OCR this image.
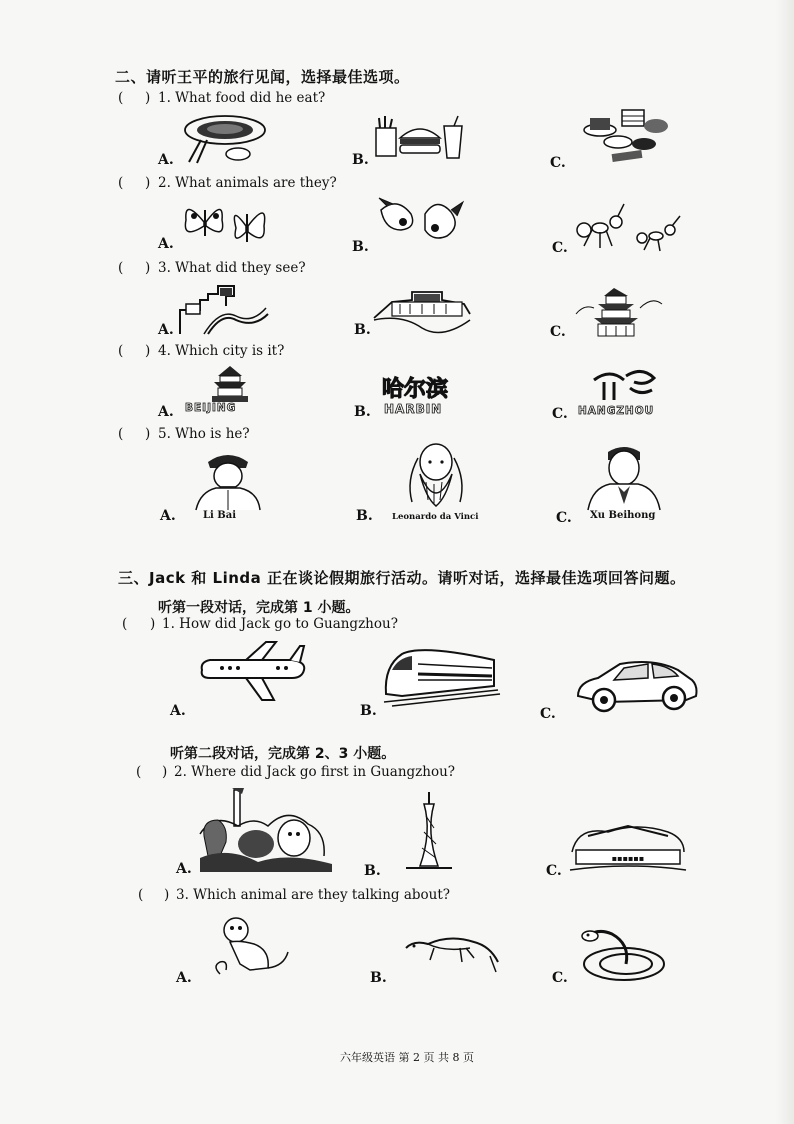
二、请听王平的旅行见闻，选择最佳选项。
( ) 1. What food did he eat?
A.	B.	C.
( ) 2. What animals are they?
A.	B.	C.
( ) 3. What did they see?
A.	B.	C.
( ) 4. Which city is it?
A.	B.	C.
BEIJING
哈尔滨
HARBIN	HANGZHOU
( ) 5. Who is he?
A.	B.	C.
Li Bai	Leonardo da Vinci	Xu Beihong
三、Jack 和 Linda 正在谈论假期旅行活动。请听对话，选择最佳选项回答问题。
听第一段对话，完成第 1 小题。
( ) 1. How did Jack go to Guangzhou?
A.	B.	C.
听第二段对话，完成第 2、3 小题。
( ) 2. Where did Jack go first in Guangzhou?
A.	B.	C.
▪▪▪▪▪▪
( ) 3. Which animal are they talking about?
A.	B.	C.
六年级英语 第 2 页 共 8 页
